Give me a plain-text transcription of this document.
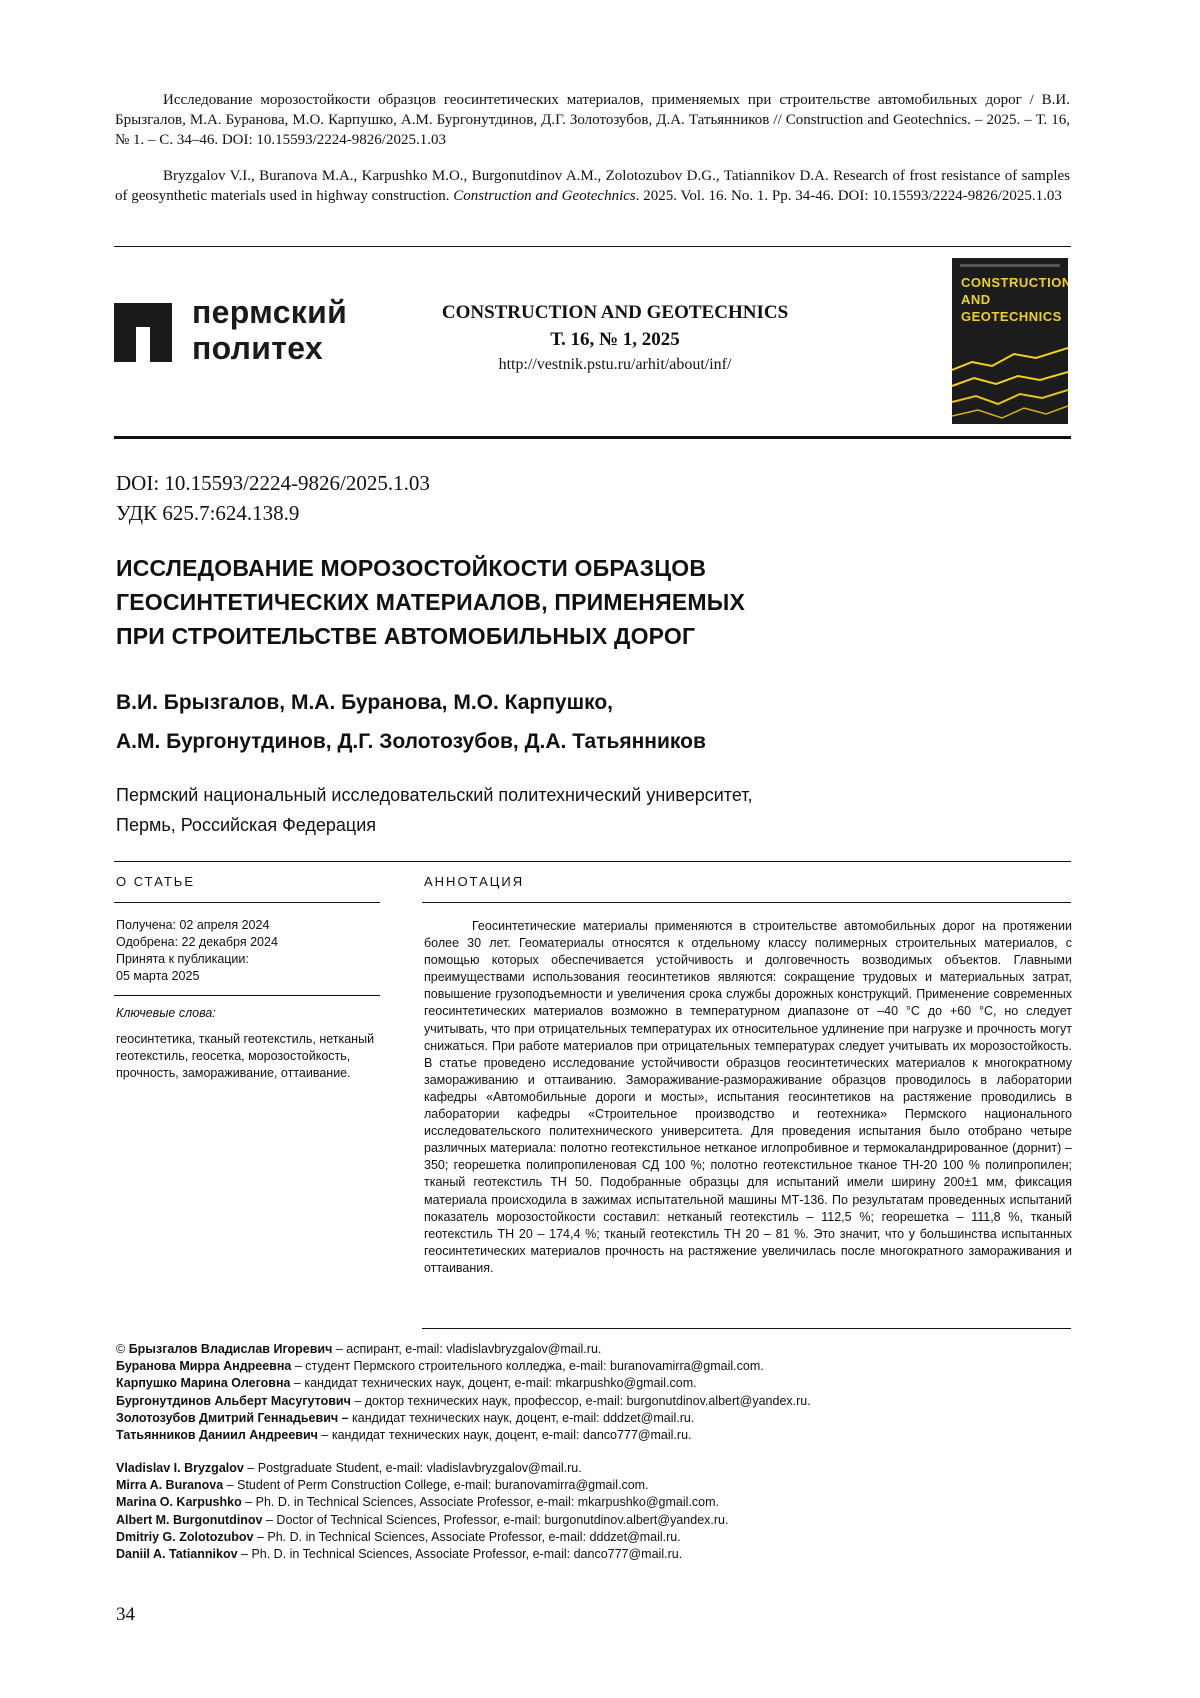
Исследование морозостойкости образцов геосинтетических материалов, применяемых при строительстве автомобильных дорог / В.И. Брызгалов, М.А. Буранова, М.О. Карпушко, А.М. Бургонутдинов, Д.Г. Золотозубов, Д.А. Татьянников // Construction and Geotechnics. – 2025. – Т. 16, № 1. – С. 34–46. DOI: 10.15593/2224-9826/2025.1.03

Bryzgalov V.I., Buranova M.A., Karpushko M.O., Burgonutdinov A.M., Zolotozubov D.G., Tatiannikov D.A. Research of frost resistance of samples of geosynthetic materials used in highway construction. Construction and Geotechnics. 2025. Vol. 16. No. 1. Pp. 34-46. DOI: 10.15593/2224-9826/2025.1.03

пермский
политех
CONSTRUCTION AND GEOTECHNICS
Т. 16, № 1, 2025
http://vestnik.pstu.ru/arhit/about/inf/
CONSTRUCTION
AND
GEOTECHNICS
DOI: 10.15593/2224-9826/2025.1.03
УДК 625.7:624.138.9
ИССЛЕДОВАНИЕ МОРОЗОСТОЙКОСТИ ОБРАЗЦОВ
ГЕОСИНТЕТИЧЕСКИХ МАТЕРИАЛОВ, ПРИМЕНЯЕМЫХ
ПРИ СТРОИТЕЛЬСТВЕ АВТОМОБИЛЬНЫХ ДОРОГ
В.И. Брызгалов, М.А. Буранова, М.О. Карпушко,
А.М. Бургонутдинов, Д.Г. Золотозубов, Д.А. Татьянников
Пермский национальный исследовательский политехнический университет,
Пермь, Российская Федерация
О СТАТЬЕ
Получена: 02 апреля 2024
Одобрена: 22 декабря 2024
Принята к публикации:
05 марта 2025
Ключевые слова:
геосинтетика, тканый геотекстиль, нетканый геотекстиль, геосетка, морозостойкость, прочность, замораживание, оттаивание.
АННОТАЦИЯ

Геосинтетические материалы применяются в строительстве автомобильных дорог на протяжении более 30 лет. Геоматериалы относятся к отдельному классу полимерных строительных материалов, с помощью которых обеспечивается устойчивость и долговечность возводимых объектов. Главными преимуществами использования геосинтетиков являются: сокращение трудовых и материальных затрат, повышение грузоподъемности и увеличения срока службы дорожных конструкций. Применение современных геосинтетических материалов возможно в температурном диапазоне от –40 °С до +60 °С, но следует учитывать, что при отрицательных температурах их относительное удлинение при нагрузке и прочность могут снижаться. При работе материалов при отрицательных температурах следует учитывать их морозостойкость. В статье проведено исследование устойчивости образцов геосинтетических материалов к многократному замораживанию и оттаиванию. Замораживание-размораживание образцов проводилось в лаборатории кафедры «Автомобильные дороги и мосты», испытания геосинтетиков на растяжение проводились в лаборатории кафедры «Строительное производство и геотехника» Пермского национального исследовательского политехнического университета. Для проведения испытания было отобрано четыре различных материала: полотно геотекстильное нетканое иглопробивное и термокаландрированное (дорнит) – 350; георешетка полипропиленовая СД 100 %; полотно геотекстильное тканое ТН-20 100 % полипропилен; тканый геотекстиль ТН 50. Подобранные образцы для испытаний имели ширину 200±1 мм, фиксация материала происходила в зажимах испытательной машины МТ-136. По результатам проведенных испытаний показатель морозостойкости составил: нетканый геотекстиль – 112,5 %; георешетка – 111,8 %, тканый геотекстиль ТН 20 – 174,4 %; тканый геотекстиль ТН 20 – 81 %. Это значит, что у большинства испытанных геосинтетических материалов прочность на растяжение увеличилась после многократного замораживания и оттаивания.

© Брызгалов Владислав Игоревич – аспирант, e-mail: vladislavbryzgalov@mail.ru.
Буранова Мирра Андреевна – студент Пермского строительного колледжа, e-mail: buranovamirra@gmail.com.
Карпушко Марина Олеговна – кандидат технических наук, доцент, e-mail: mkarpushko@gmail.com.
Бургонутдинов Альберт Масугутович – доктор технических наук, профессор, e-mail: burgonutdinov.albert@yandex.ru.
Золотозубов Дмитрий Геннадьевич – кандидат технических наук, доцент, e-mail: dddzet@mail.ru.
Татьянников Даниил Андреевич – кандидат технических наук, доцент, e-mail: danco777@mail.ru.
Vladislav I. Bryzgalov – Postgraduate Student, e-mail: vladislavbryzgalov@mail.ru.
Mirra A. Buranova – Student of Perm Construction College, e-mail: buranovamirra@gmail.com.
Marina O. Karpushko – Ph. D. in Technical Sciences, Associate Professor, e-mail: mkarpushko@gmail.com.
Albert M. Burgonutdinov – Doctor of Technical Sciences, Professor, e-mail: burgonutdinov.albert@yandex.ru.
Dmitriy G. Zolotozubov – Ph. D. in Technical Sciences, Associate Professor, e-mail: dddzet@mail.ru.
Daniil A. Tatiannikov – Ph. D. in Technical Sciences, Associate Professor, e-mail: danco777@mail.ru.
34
